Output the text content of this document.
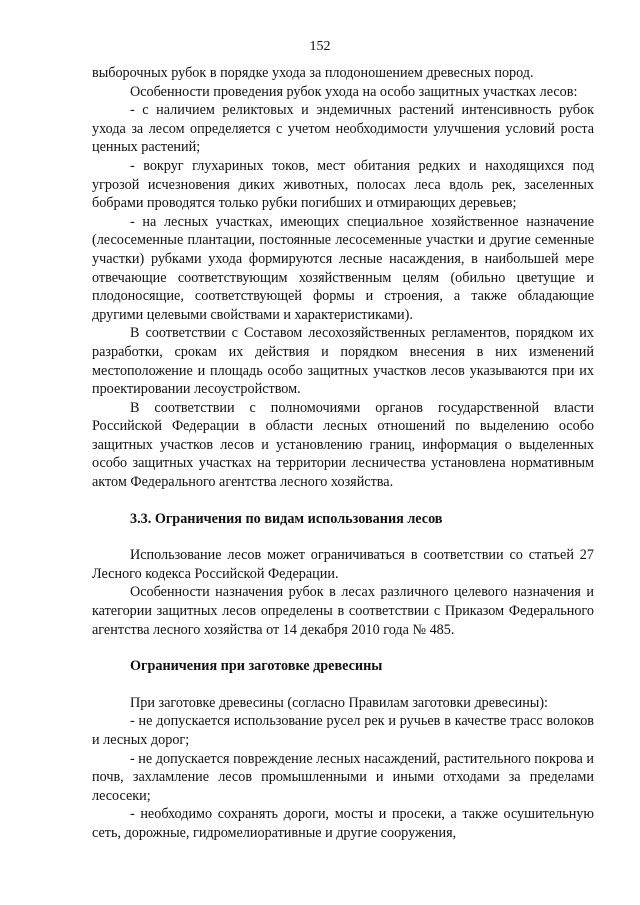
152

выборочных рубок в порядке ухода за плодоношением древесных пород.

Особенности проведения рубок ухода на особо защитных участках лесов:

- с наличием реликтовых и эндемичных растений интенсивность рубок ухода за лесом определяется с учетом необходимости улучшения условий роста ценных растений;

- вокруг глухариных токов, мест обитания редких и находящихся под угрозой исчезновения диких животных, полосах леса вдоль рек, заселенных бобрами проводятся только рубки погибших и отмирающих деревьев;

- на лесных участках, имеющих специальное хозяйственное назначение (лесосеменные плантации, постоянные лесосеменные участки и другие семенные участки) рубками ухода формируются лесные насаждения, в наибольшей мере отвечающие соответствующим хозяйственным целям (обильно цветущие и плодоносящие, соответствующей формы и строения, а также обладающие другими целевыми свойствами и характеристиками).

В соответствии с Составом лесохозяйственных регламентов, порядком их разработки, срокам их действия и порядком внесения в них изменений местоположение и площадь особо защитных участков лесов указываются при их проектировании лесоустройством.

В соответствии с полномочиями органов государственной власти Российской Федерации в области лесных отношений по выделению особо защитных участков лесов и установлению границ, информация о выделенных особо защитных участках на территории лесничества установлена нормативным актом Федерального агентства лесного хозяйства.

3.3. Ограничения по видам использования лесов

Использование лесов может ограничиваться в соответствии со статьей 27 Лесного кодекса Российской Федерации.

Особенности назначения рубок в лесах различного целевого назначения и категории защитных лесов определены в соответствии с Приказом Федерального агентства лесного хозяйства от 14 декабря 2010 года № 485.

Ограничения при заготовке древесины

При заготовке древесины (согласно Правилам заготовки древесины):

- не допускается использование русел рек и ручьев в качестве трасс волоков и лесных дорог;

- не допускается повреждение лесных насаждений, растительного покрова и почв, захламление лесов промышленными и иными отходами за пределами лесосеки;

- необходимо сохранять дороги, мосты и просеки, а также осушительную сеть, дорожные, гидромелиоративные и другие сооружения,
